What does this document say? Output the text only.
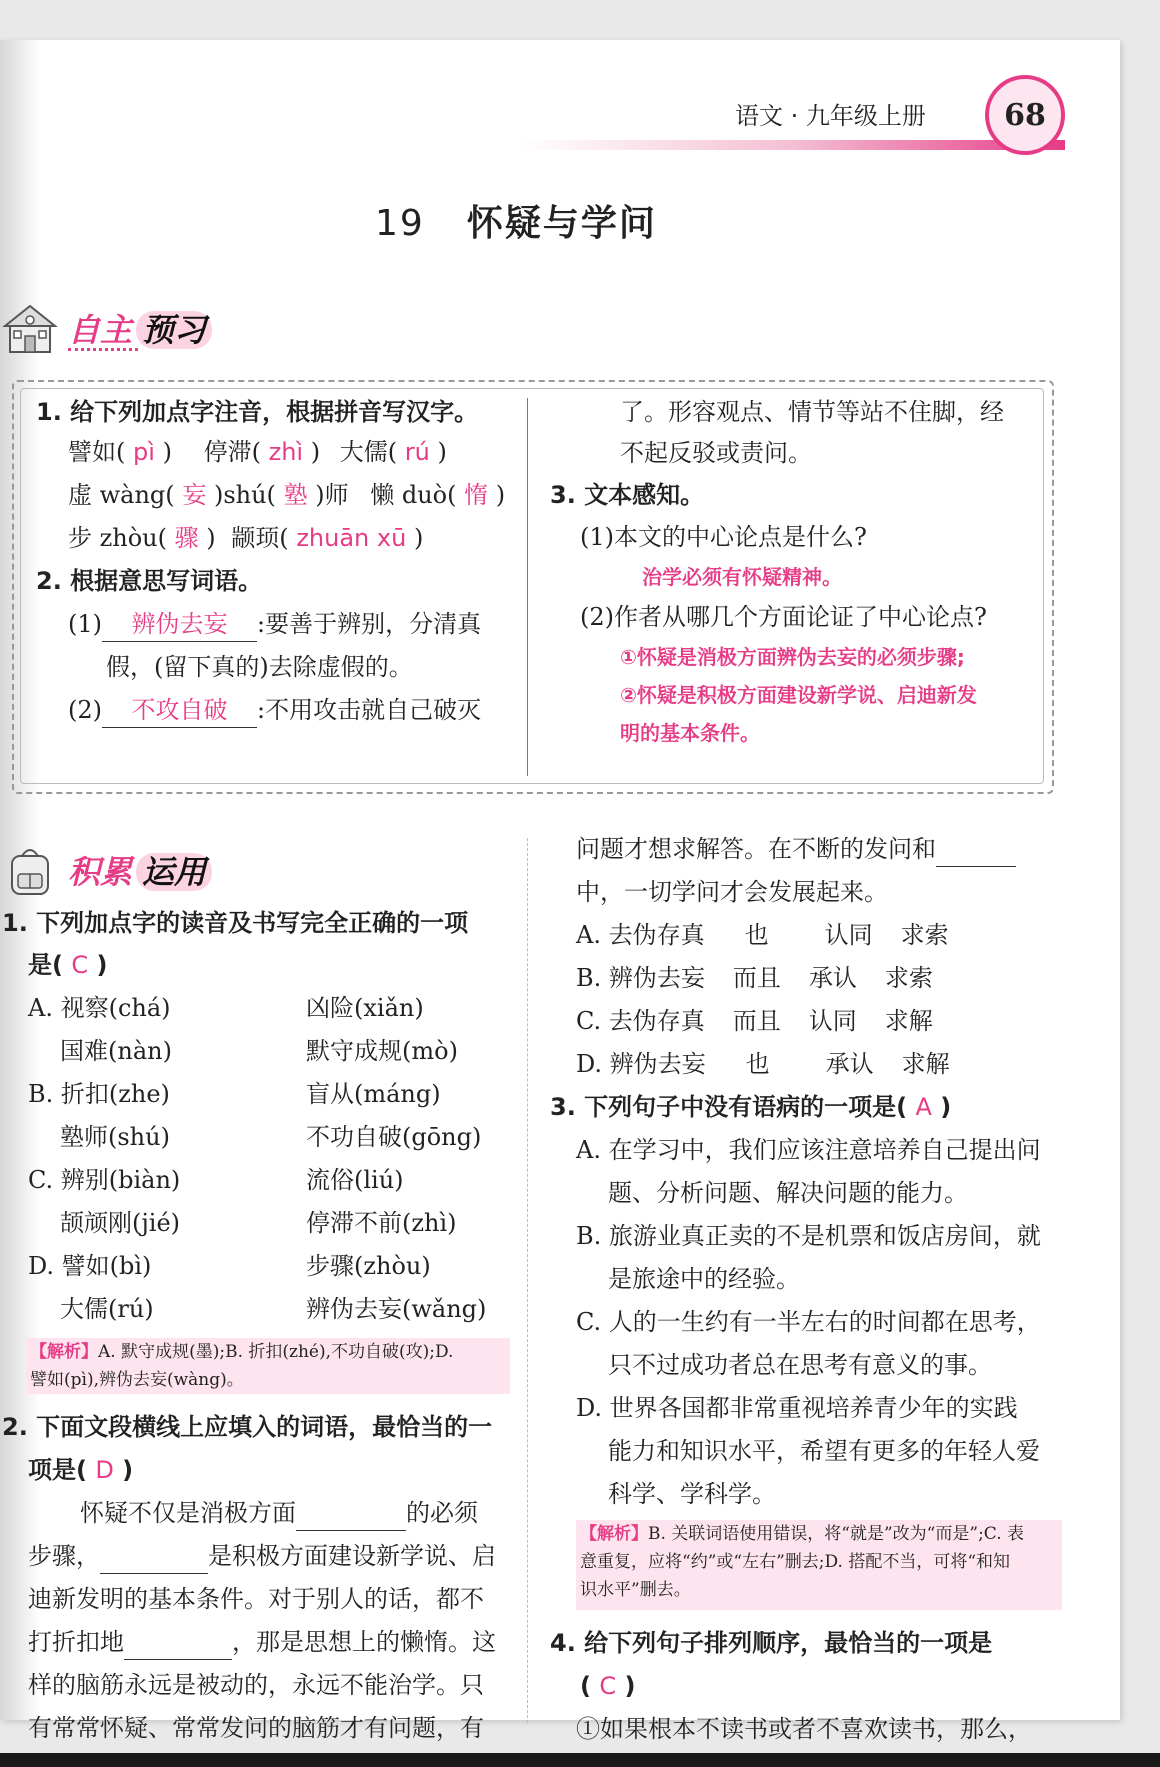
语文 · 九年级上册	68
19 怀疑与学问
自主 预习
1. 给下列加点字注音，根据拼音写汉字。
譬如( pì ) 停滞( zhì ) 大儒( rú )
虚 wàng( 妄 )shú( 塾 )师 懒 duò( 惰 )
步 zhòu( 骤 ) 颛顼( zhuān xū )
2. 根据意思写词语。
(1) 辨伪去妄 :要善于辨别，分清真
假，(留下真的)去除虚假的。
(2) 不攻自破 :不用攻击就自己破灭
了。形容观点、情节等站不住脚，经
不起反驳或责问。
3. 文本感知。
(1)本文的中心论点是什么?
治学必须有怀疑精神。
(2)作者从哪几个方面论证了中心论点?
①怀疑是消极方面辨伪去妄的必须步骤;
②怀疑是积极方面建设新学说、启迪新发
明的基本条件。
积累 运用
1. 下列加点字的读音及书写完全正确的一项
是( C )
A. 视察(chá)	凶险(xiǎn)
国难(nàn)	默守成规(mò)
B. 折扣(zhe)	盲从(máng)
塾师(shú)	不功自破(gōng)
C. 辨别(biàn)	流俗(liú)
颉颃刚(jié)	停滞不前(zhì)
D. 譬如(bì)	步骤(zhòu)
大儒(rú)	辨伪去妄(wǎng)
【解析】A. 默守成规(墨);B. 折扣(zhé),不功自破(攻);D.
譬如(pì),辨伪去妄(wàng)。
2. 下面文段横线上应填入的词语，最恰当的一
项是( D )
怀疑不仅是消极方面	的必须
步骤，	是积极方面建设新学说、启
迪新发明的基本条件。对于别人的话，都不
打折扣地	，那是思想上的懒惰。这
样的脑筋永远是被动的，永远不能治学。只
有常常怀疑、常常发问的脑筋才有问题，有
问题才想求解答。在不断的发问和
中，一切学问才会发展起来。
A. 去伪存真 也 认同 求索
B. 辨伪去妄 而且 承认 求索
C. 去伪存真 而且 认同 求解
D. 辨伪去妄 也 承认 求解
3. 下列句子中没有语病的一项是( A )
A. 在学习中，我们应该注意培养自己提出问
题、分析问题、解决问题的能力。
B. 旅游业真正卖的不是机票和饭店房间，就
是旅途中的经验。
C. 人的一生约有一半左右的时间都在思考，
只不过成功者总在思考有意义的事。
D. 世界各国都非常重视培养青少年的实践
能力和知识水平，希望有更多的年轻人爱
科学、学科学。
【解析】B. 关联词语使用错误，将“就是”改为“而是”;C. 表
意重复，应将“约”或“左右”删去;D. 搭配不当，可将“和知
识水平”删去。
4. 给下列句子排列顺序，最恰当的一项是
( C )
①如果根本不读书或者不喜欢读书，那么，
